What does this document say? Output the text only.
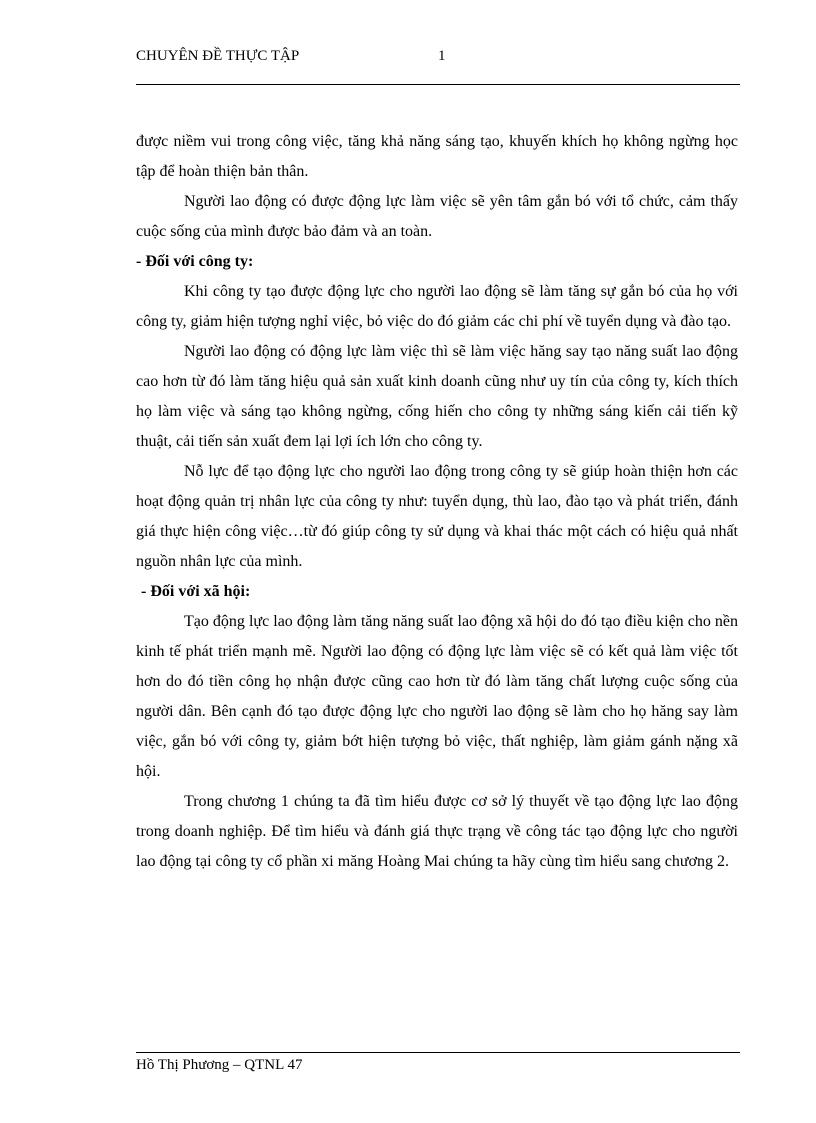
CHUYÊN ĐỀ THỰC TẬP	1

được niềm vui trong công việc, tăng khả năng sáng tạo, khuyến khích họ không ngừng học tập để hoàn thiện bản thân.

Người lao động có được động lực làm việc sẽ yên tâm gắn bó với tổ chức, cảm thấy cuộc sống của mình được bảo đảm và an toàn.

- Đối với công ty:

Khi công ty tạo được động lực cho người lao động sẽ làm tăng sự gắn bó của họ với công ty, giảm hiện tượng nghỉ việc, bỏ việc do đó giảm các chi phí về tuyển dụng và đào tạo.

Người lao động có động lực làm việc thì sẽ làm việc hăng say tạo năng suất lao động cao hơn từ đó làm tăng hiệu quả sản xuất kinh doanh cũng như uy tín của công ty, kích thích họ làm việc và sáng tạo không ngừng, cống hiến cho công ty những sáng kiến cải tiến kỹ thuật, cải tiến sản xuất đem lại lợi ích lớn cho công ty.

Nỗ lực để tạo động lực cho người lao động trong công ty sẽ giúp hoàn thiện hơn các hoạt động quản trị nhân lực của công ty như: tuyển dụng, thù lao, đào tạo và phát triển, đánh giá thực hiện công việc…từ đó giúp công ty sử dụng và khai thác một cách có hiệu quả nhất nguồn nhân lực của mình.

- Đối với xã hội:

Tạo động lực lao động làm tăng năng suất lao động xã hội do đó tạo điều kiện cho nền kinh tế phát triển mạnh mẽ. Người lao động có động lực làm việc sẽ có kết quả làm việc tốt hơn do đó tiền công họ nhận được cũng cao hơn từ đó làm tăng chất lượng cuộc sống của người dân. Bên cạnh đó tạo được động lực cho người lao động sẽ làm cho họ hăng say làm việc, gắn bó với công ty, giảm bớt hiện tượng bỏ việc, thất nghiệp, làm giảm gánh nặng xã hội.

Trong chương 1 chúng ta đã tìm hiểu được cơ sở lý thuyết về tạo động lực lao động trong doanh nghiệp. Để tìm hiểu và đánh giá thực trạng về công tác tạo động lực cho người lao động tại công ty cổ phần xi măng Hoàng Mai chúng ta hãy cùng tìm hiểu sang chương 2.

Hồ Thị Phương – QTNL 47
